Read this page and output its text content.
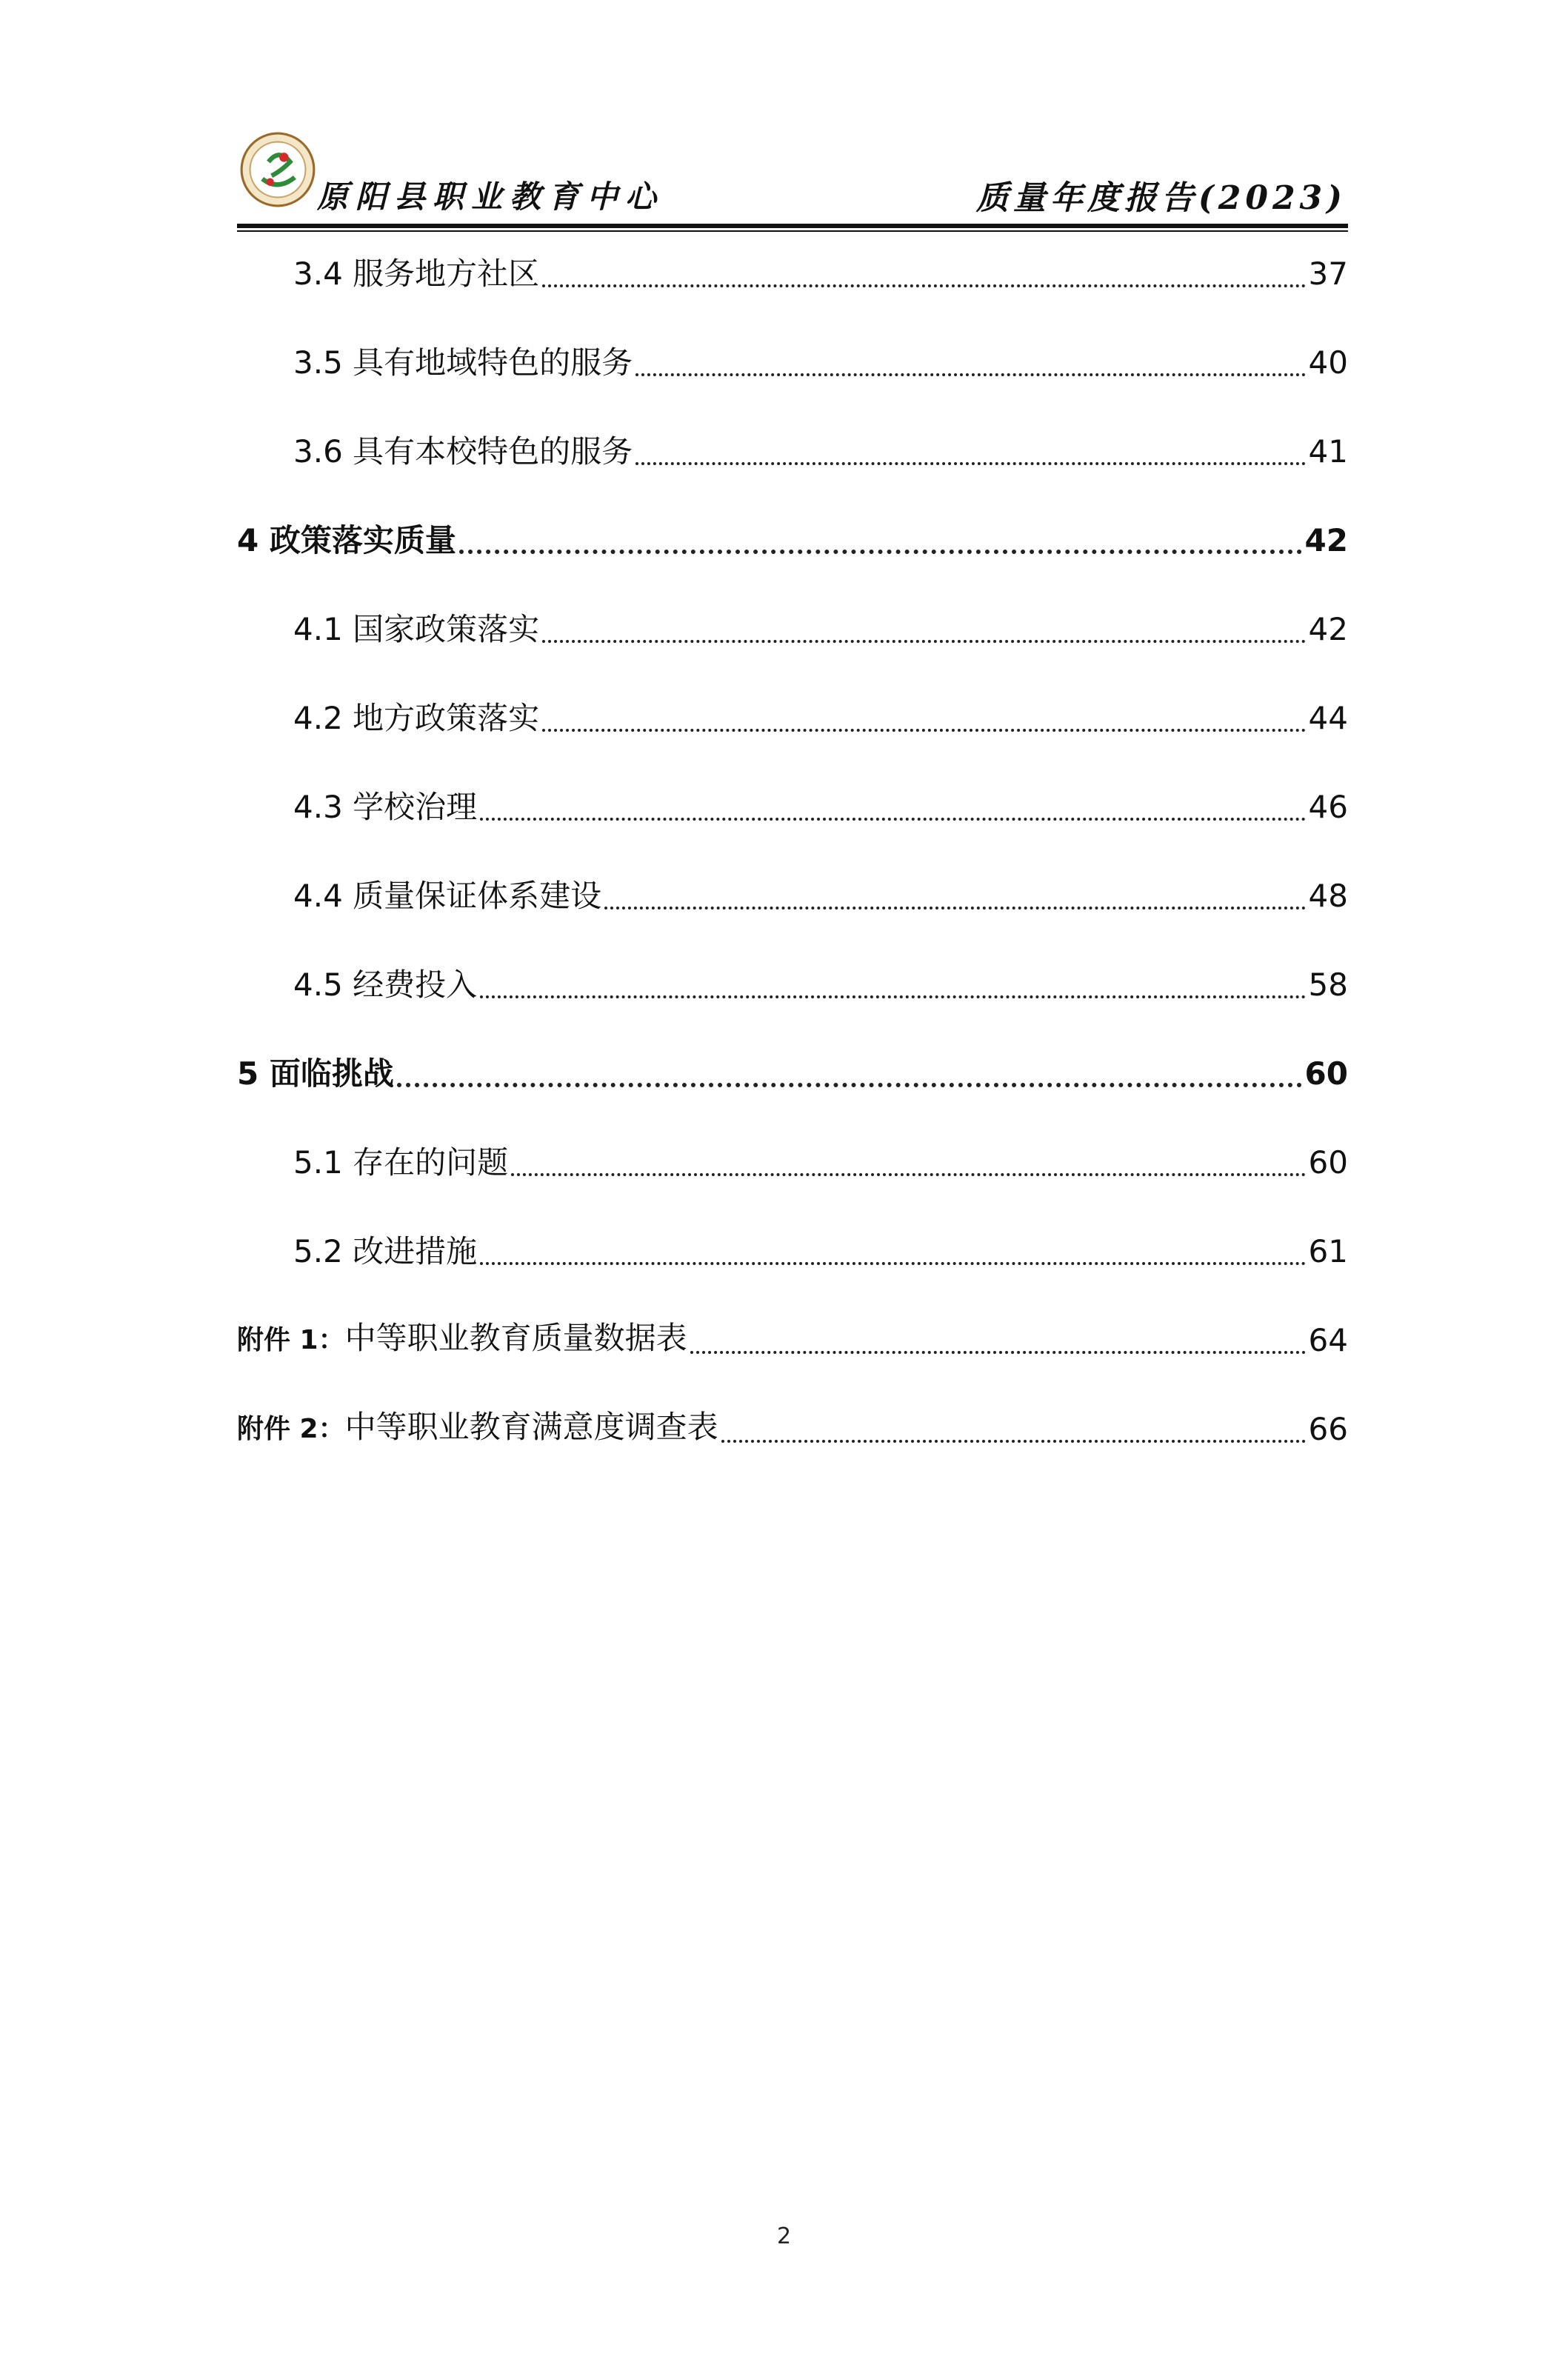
原阳县职业教育中心	质量年度报告(2023)
3.4 服务地方社区	37
3.5 具有地域特色的服务	40
3.6 具有本校特色的服务	41
4 政策落实质量	42
4.1 国家政策落实	42
4.2 地方政策落实	44
4.3 学校治理	46
4.4 质量保证体系建设	48
4.5 经费投入	58
5 面临挑战	60
5.1 存在的问题	60
5.2 改进措施	61
附件 1：中等职业教育质量数据表	64
附件 2：中等职业教育满意度调查表	66
2
